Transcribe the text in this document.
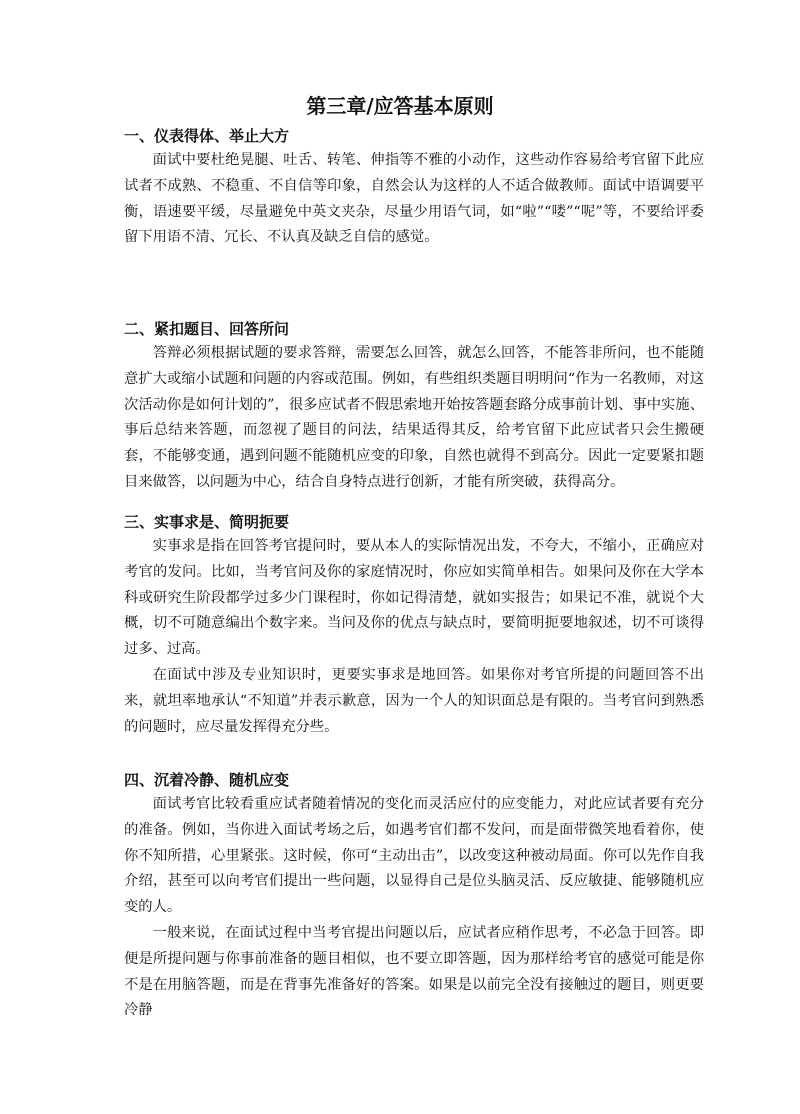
第三章/应答基本原则
一、仪表得体、举止大方

面试中要杜绝晃腿、吐舌、转笔、伸指等不雅的小动作，这些动作容易给考官留下此应试者不成熟、不稳重、不自信等印象，自然会认为这样的人不适合做教师。面试中语调要平衡，语速要平缓，尽量避免中英文夹杂，尽量少用语气词，如“啦”“喽”“呢”等，不要给评委留下用语不清、冗长、不认真及缺乏自信的感觉。

二、紧扣题目、回答所问

答辩必须根据试题的要求答辩，需要怎么回答，就怎么回答，不能答非所问，也不能随意扩大或缩小试题和问题的内容或范围。例如，有些组织类题目明明问“作为一名教师，对这次活动你是如何计划的”，很多应试者不假思索地开始按答题套路分成事前计划、事中实施、事后总结来答题，而忽视了题目的问法，结果适得其反，给考官留下此应试者只会生搬硬套，不能够变通，遇到问题不能随机应变的印象，自然也就得不到高分。因此一定要紧扣题目来做答，以问题为中心，结合自身特点进行创新，才能有所突破，获得高分。

三、实事求是、简明扼要

实事求是指在回答考官提问时，要从本人的实际情况出发，不夸大，不缩小，正确应对考官的发问。比如，当考官问及你的家庭情况时，你应如实简单相告。如果问及你在大学本科或研究生阶段都学过多少门课程时，你如记得清楚，就如实报告；如果记不准，就说个大概，切不可随意编出个数字来。当问及你的优点与缺点时，要简明扼要地叙述，切不可谈得过多、过高。

在面试中涉及专业知识时，更要实事求是地回答。如果你对考官所提的问题回答不出来，就坦率地承认“不知道”并表示歉意，因为一个人的知识面总是有限的。当考官问到熟悉的问题时，应尽量发挥得充分些。

四、沉着冷静、随机应变

面试考官比较看重应试者随着情况的变化而灵活应付的应变能力，对此应试者要有充分的准备。例如，当你进入面试考场之后，如遇考官们都不发问，而是面带微笑地看着你，使你不知所措，心里紧张。这时候，你可“主动出击”，以改变这种被动局面。你可以先作自我介绍，甚至可以向考官们提出一些问题，以显得自己是位头脑灵活、反应敏捷、能够随机应变的人。

一般来说，在面试过程中当考官提出问题以后，应试者应稍作思考，不必急于回答。即便是所提问题与你事前准备的题目相似，也不要立即答题，因为那样给考官的感觉可能是你不是在用脑答题，而是在背事先准备好的答案。如果是以前完全没有接触过的题目，则更要冷静
